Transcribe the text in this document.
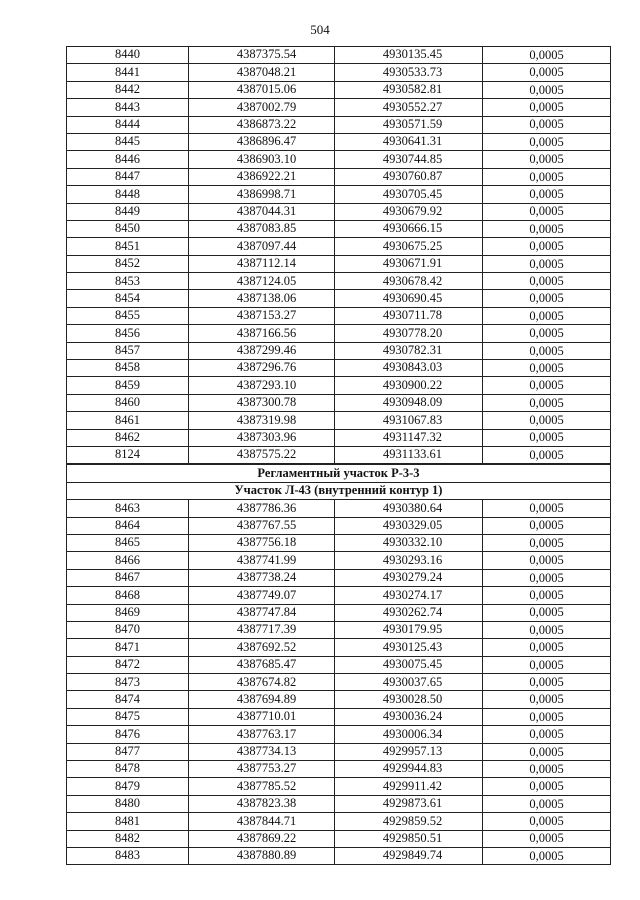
504
8440	4387375.54	4930135.45	0,0005
8441	4387048.21	4930533.73	0,0005
8442	4387015.06	4930582.81	0,0005
8443	4387002.79	4930552.27	0,0005
8444	4386873.22	4930571.59	0,0005
8445	4386896.47	4930641.31	0,0005
8446	4386903.10	4930744.85	0,0005
8447	4386922.21	4930760.87	0,0005
8448	4386998.71	4930705.45	0,0005
8449	4387044.31	4930679.92	0,0005
8450	4387083.85	4930666.15	0,0005
8451	4387097.44	4930675.25	0,0005
8452	4387112.14	4930671.91	0,0005
8453	4387124.05	4930678.42	0,0005
8454	4387138.06	4930690.45	0,0005
8455	4387153.27	4930711.78	0,0005
8456	4387166.56	4930778.20	0,0005
8457	4387299.46	4930782.31	0,0005
8458	4387296.76	4930843.03	0,0005
8459	4387293.10	4930900.22	0,0005
8460	4387300.78	4930948.09	0,0005
8461	4387319.98	4931067.83	0,0005
8462	4387303.96	4931147.32	0,0005
8124	4387575.22	4931133.61	0,0005
Регламентный участок Р-3-3			
Участок Л-43 (внутренний контур 1)			
8463	4387786.36	4930380.64	0,0005
8464	4387767.55	4930329.05	0,0005
8465	4387756.18	4930332.10	0,0005
8466	4387741.99	4930293.16	0,0005
8467	4387738.24	4930279.24	0,0005
8468	4387749.07	4930274.17	0,0005
8469	4387747.84	4930262.74	0,0005
8470	4387717.39	4930179.95	0,0005
8471	4387692.52	4930125.43	0,0005
8472	4387685.47	4930075.45	0,0005
8473	4387674.82	4930037.65	0,0005
8474	4387694.89	4930028.50	0,0005
8475	4387710.01	4930036.24	0,0005
8476	4387763.17	4930006.34	0,0005
8477	4387734.13	4929957.13	0,0005
8478	4387753.27	4929944.83	0,0005
8479	4387785.52	4929911.42	0,0005
8480	4387823.38	4929873.61	0,0005
8481	4387844.71	4929859.52	0,0005
8482	4387869.22	4929850.51	0,0005
8483	4387880.89	4929849.74	0,0005
